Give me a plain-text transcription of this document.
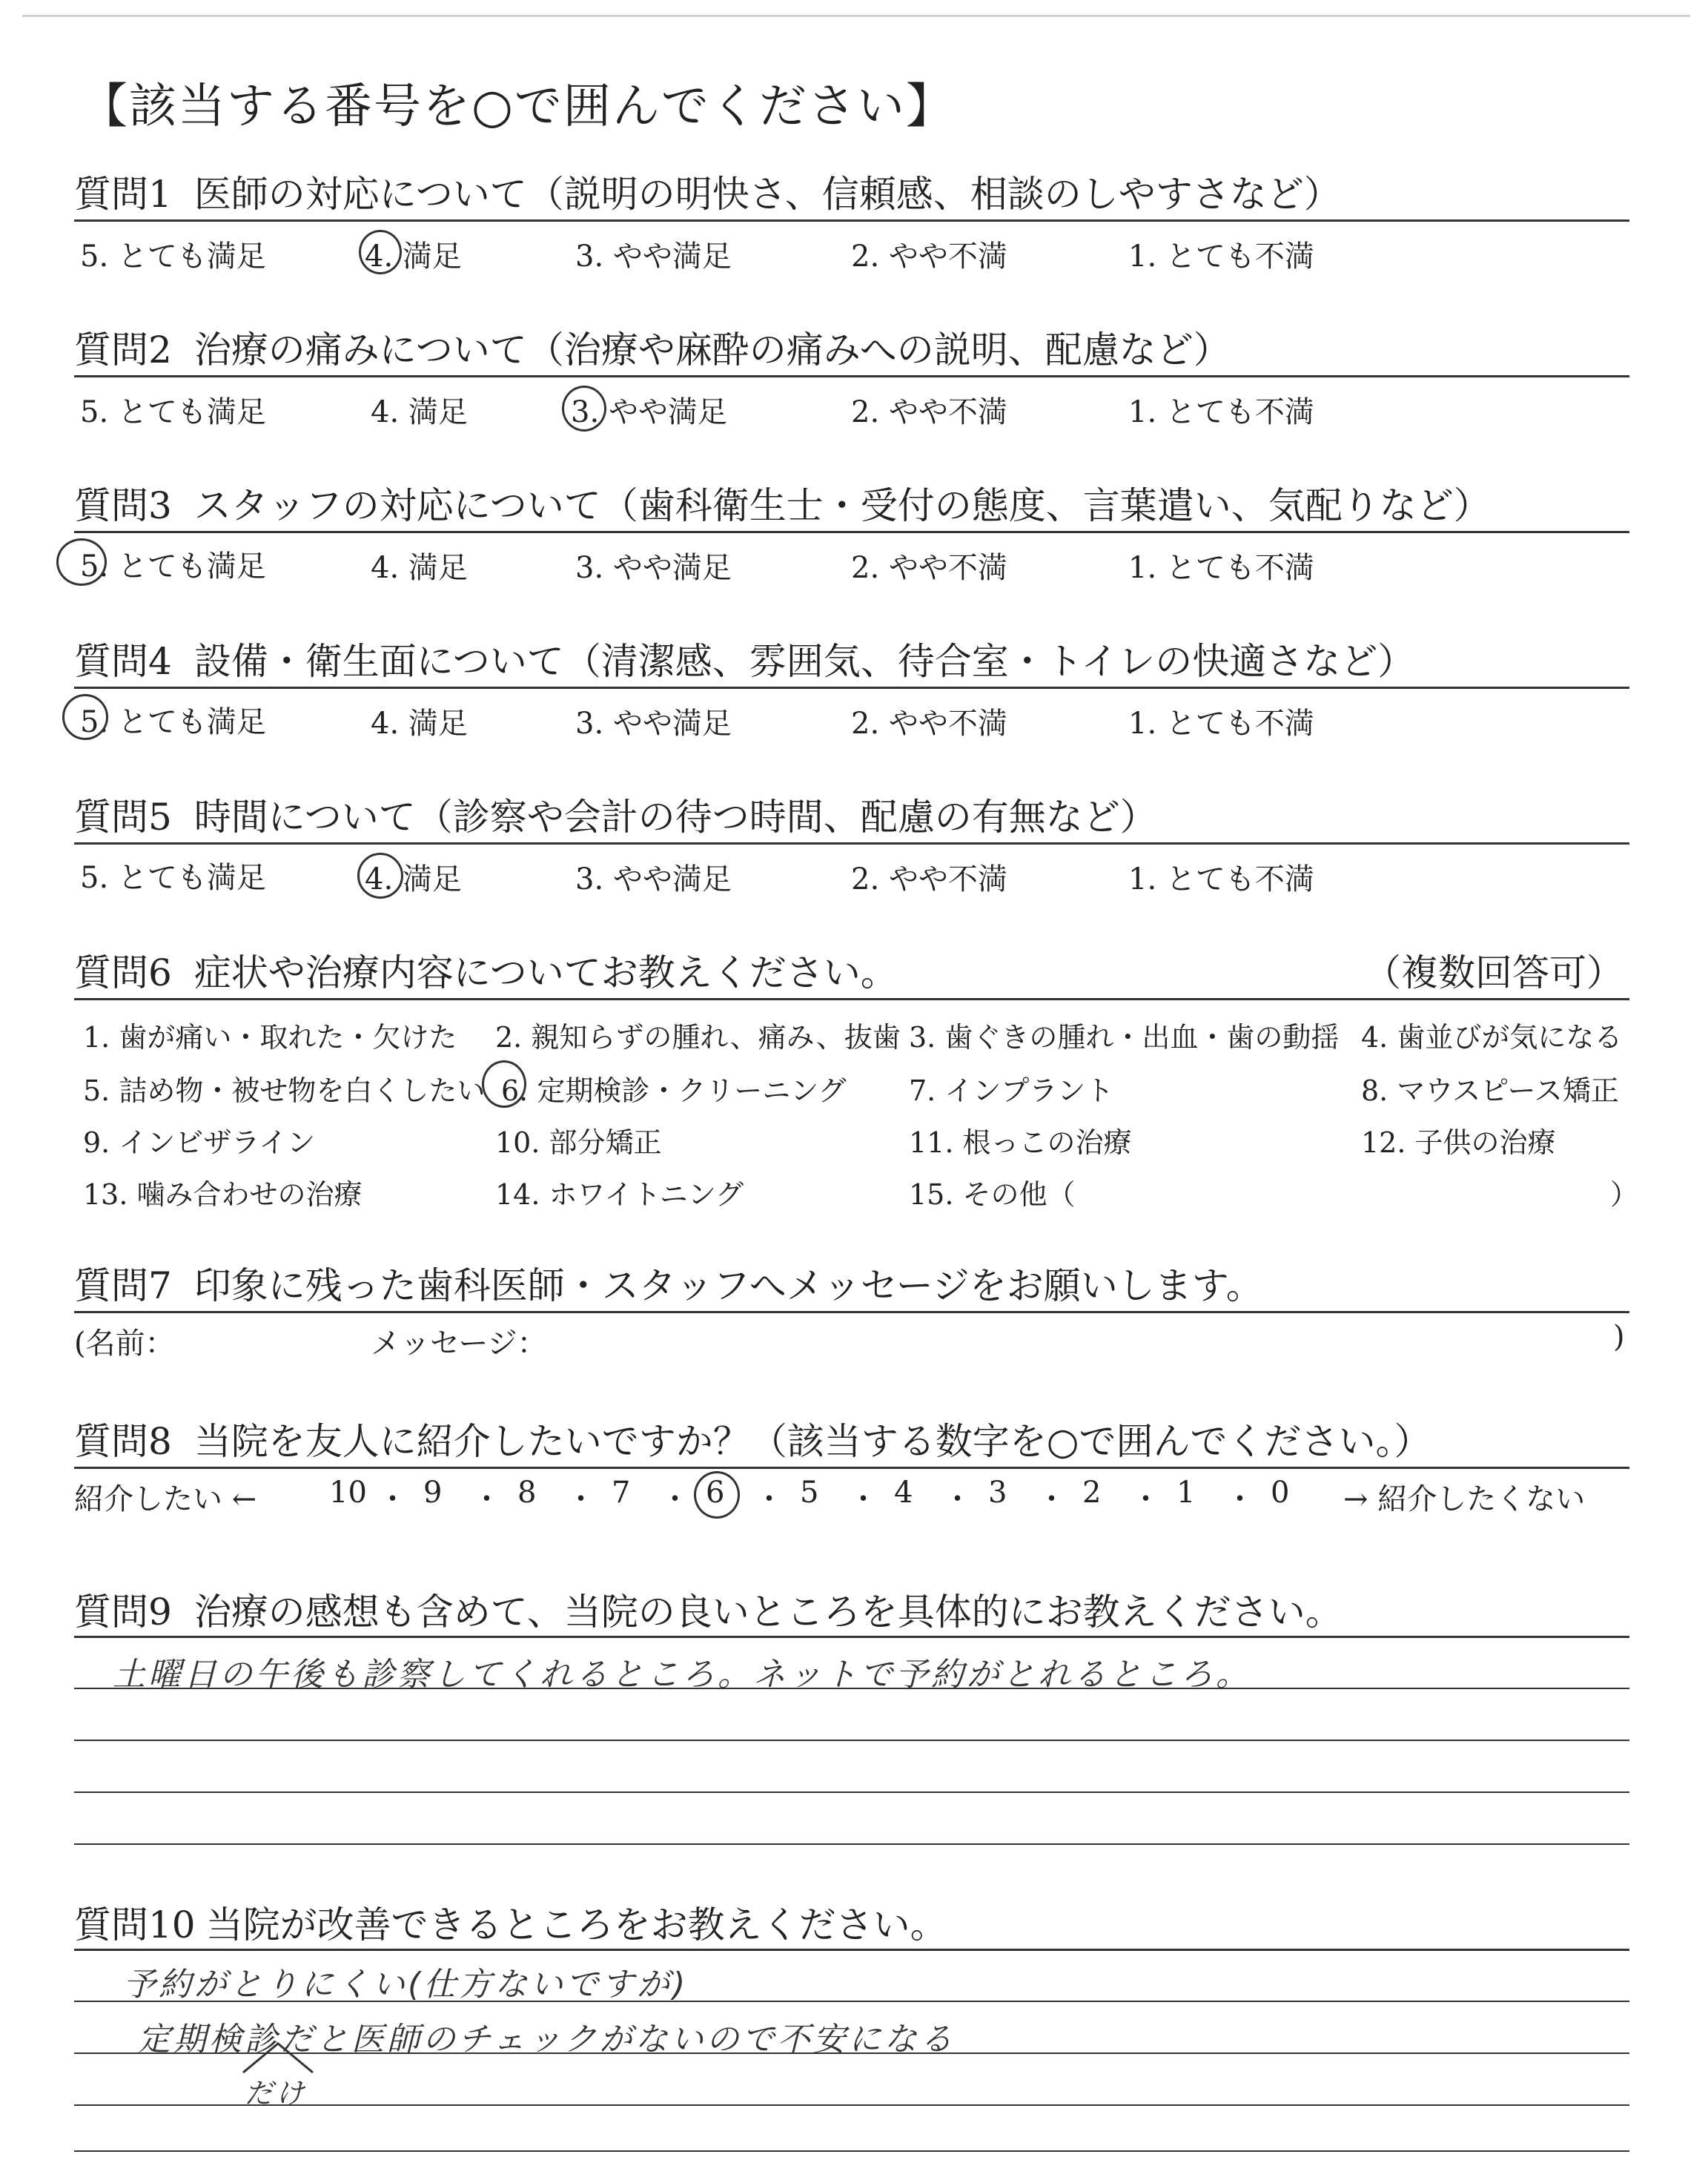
【該当する番号を○で囲んでください】
質問1 医師の対応について（説明の明快さ、信頼感、相談のしやすさなど）
5. とても満足	4. 満足	3. やや満足	2. やや不満	1. とても不満
質問2 治療の痛みについて（治療や麻酔の痛みへの説明、配慮など）
5. とても満足	4. 満足	3. やや満足	2. やや不満	1. とても不満
質問3 スタッフの対応について（歯科衛生士・受付の態度、言葉遣い、気配りなど）
5. とても満足	4. 満足	3. やや満足	2. やや不満	1. とても不満
質問4 設備・衛生面について（清潔感、雰囲気、待合室・トイレの快適さなど）
5. とても満足	4. 満足	3. やや満足	2. やや不満	1. とても不満
質問5 時間について（診察や会計の待つ時間、配慮の有無など）
5. とても満足	4. 満足	3. やや満足	2. やや不満	1. とても不満
質問6 症状や治療内容についてお教えください。	（複数回答可）
1. 歯が痛い・取れた・欠けた 2. 親知らずの腫れ、痛み、抜歯 3. 歯ぐきの腫れ・出血・歯の動揺 4. 歯並びが気になる
5. 詰め物・被せ物を白くしたい 6. 定期検診・クリーニング 7. インプラント	8. マウスピース矯正
9. インビザライン	10. 部分矯正	11. 根っこの治療	12. 子供の治療
13. 噛み合わせの治療	14. ホワイトニング	15. その他（	）
質問7 印象に残った歯科医師・スタッフへメッセージをお願いします。
(名前：	メッセージ：	)
質問8 当院を友人に紹介したいですか？（該当する数字を○で囲んでください。）
紹介したい ←	→ 紹介したくない
10 ・ 9 ・ 8 ・ 7 ・ 6 ・ 5 ・ 4 ・ 3 ・ 2 ・ 1 ・ 0
質問9 治療の感想も含めて、当院の良いところを具体的にお教えください。
土曜日の午後も診察してくれるところ。ネットで予約がとれるところ。
質問10 当院が改善できるところをお教えください。
予約がとりにくい(仕方ないですが)
定期検診だと医師のチェックがないので不安になる
だけ
